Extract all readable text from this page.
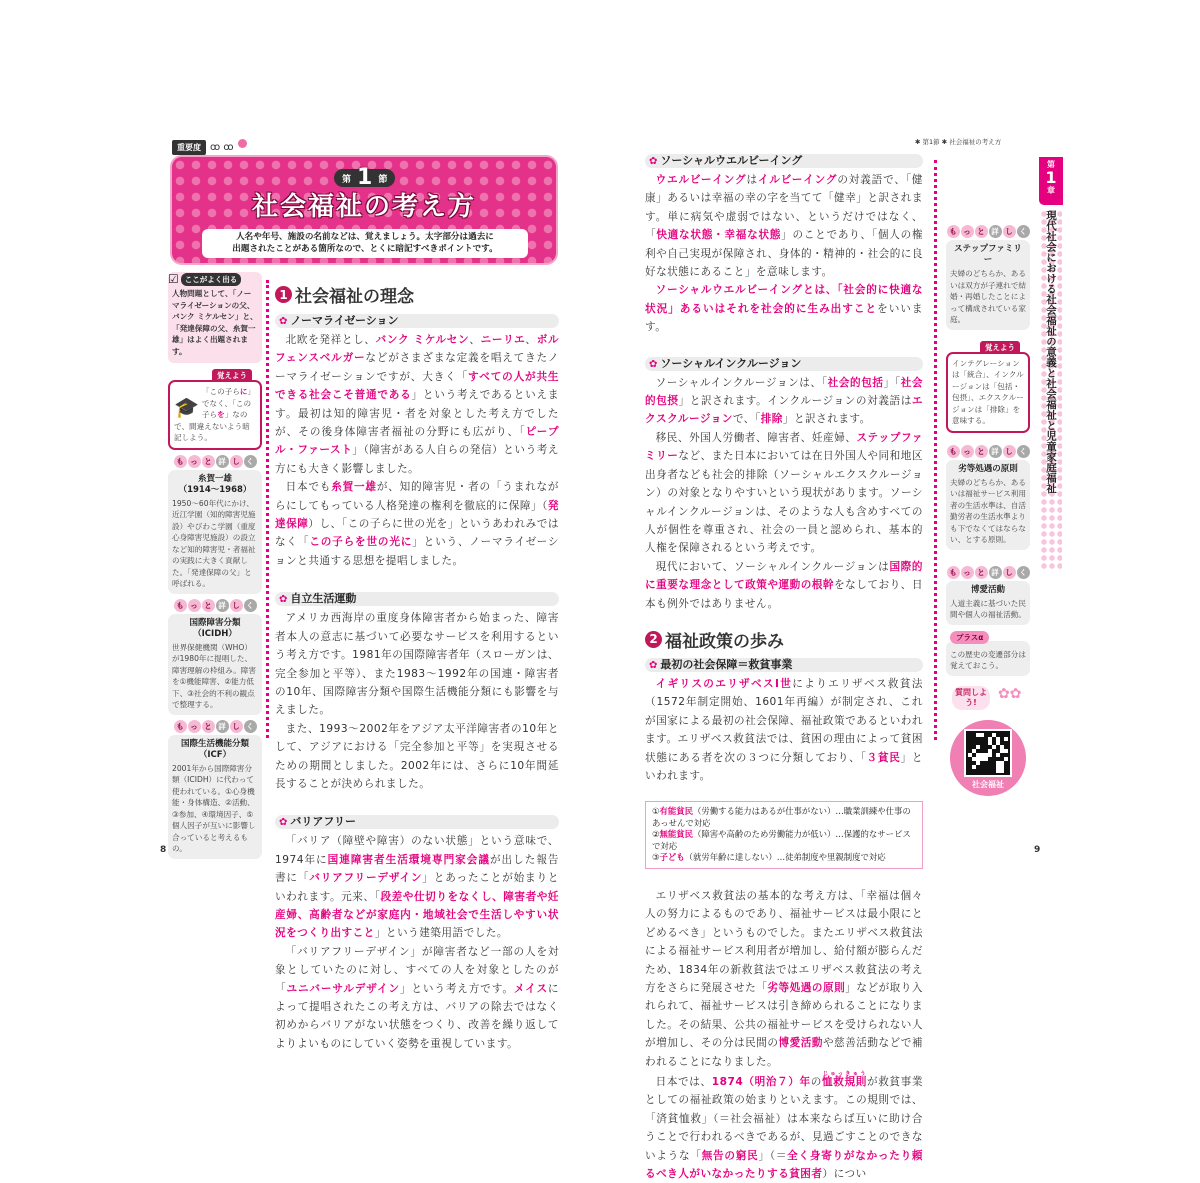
重要度 ꝏ ꝏ
第 1 節
社会福祉の考え方
人名や年号、施設の名前などは、覚えましょう。太字部分は過去に
出題されたことがある箇所なので、とくに暗記すべきポイントです。
☑ ここがよく出る
人物問題として、「ノーマライゼーションの父、バンク ミケルセン」と、「発達保障の父、糸賀一雄」はよく出題されます。
覚えよう
🎓
「この子らに」でなく、「この子らを」なので、間違えないよう暗記しよう。
も っ と 詳 し く
糸賀一雄
（1914～1968）
1950～60年代にかけ、近江学園（知的障害児施設）やびわこ学園（重度心身障害児施設）の設立など知的障害児・者福祉の実践に大きく貢献した。「発達保障の父」と呼ばれる。
も っ と 詳 し く
国際障害分類（ICIDH）
世界保健機関（WHO）が1980年に提唱した、障害理解の枠組み。障害を①機能障害、②能力低下、③社会的不利の観点で整理する。
も っ と 詳 し く
国際生活機能分類（ICF）
2001年から国際障害分類（ICIDH）に代わって使われている。①心身機能・身体構造、②活動、③参加、④環境因子、⑤個人因子が互いに影響し合っていると考えるもの。
1 社会福祉の理念
✿ ノーマライゼーション

北欧を発祥とし、バンク ミケルセン、ニーリエ、ボルフェンスベルガーなどがさまざまな定義を唱えてきたノーマライゼーションですが、大きく「すべての人が共生できる社会こそ普通である」という考えであるといえます。最初は知的障害児・者を対象とした考え方でしたが、その後身体障害者福祉の分野にも広がり、「ピープル・ファースト」（障害がある人自らの発信）という考え方にも大きく影響しました。

日本でも糸賀一雄が、知的障害児・者の「うまれながらにしてもっている人格発達の権利を徹底的に保障」（発達保障）し、「この子らに世の光を」というあわれみではなく「この子らを世の光に」という、ノーマライゼーションと共通する思想を提唱しました。

✿ 自立生活運動

アメリカ西海岸の重度身体障害者から始まった、障害者本人の意志に基づいて必要なサービスを利用するという考え方です。1981年の国際障害者年（スローガンは、完全参加と平等）、また1983～1992年の国連・障害者の10年、国際障害分類や国際生活機能分類にも影響を与えました。

また、1993～2002年をアジア太平洋障害者の10年として、アジアにおける「完全参加と平等」を実現させるための期間としました。2002年には、さらに10年間延長することが決められました。

✿ バリアフリー

「バリア（障壁や障害）のない状態」という意味で、1974年に国連障害者生活環境専門家会議が出した報告書に「バリアフリーデザイン」とあったことが始まりといわれます。元来、「段差や仕切りをなくし、障害者や妊産婦、高齢者などが家庭内・地域社会で生活しやすい状況をつくり出すこと」という建築用語でした。

「バリアフリーデザイン」が障害者など一部の人を対象としていたのに対し、すべての人を対象としたのが「ユニバーサルデザイン」という考え方です。メイスによって提唱されたこの考え方は、バリアの除去ではなく初めからバリアがない状態をつくり、改善を繰り返してよりよいものにしていく姿勢を重視しています。

8
✱ 第1節 ✱ 社会福祉の考え方
✿ ソーシャルウエルビーイング

ウエルビーイングはイルビーイングの対義語で、「健康」あるいは幸福の幸の字を当てて「健幸」と訳されます。単に病気や虚弱ではない、というだけではなく、「快適な状態・幸福な状態」のことであり、「個人の権利や自己実現が保障され、身体的・精神的・社会的に良好な状態にあること」を意味します。

ソーシャルウエルビーイングとは、「社会的に快適な状況」あるいはそれを社会的に生み出すことをいいます。

✿ ソーシャルインクルージョン

ソーシャルインクルージョンは、「社会的包括」「社会的包摂」と訳されます。インクルージョンの対義語はエクスクルージョンで、「排除」と訳されます。

移民、外国人労働者、障害者、妊産婦、ステップファミリーなど、また日本においては在日外国人や同和地区出身者なども社会的排除（ソーシャルエクスクルージョン）の対象となりやすいという現状があります。ソーシャルインクルージョンは、そのような人も含めすべての人が個性を尊重され、社会の一員と認められ、基本的人権を保障されるという考えです。

現代において、ソーシャルインクルージョンは国際的に重要な理念として政策や運動の根幹をなしており、日本も例外ではありません。

2 福祉政策の歩み
✿ 最初の社会保障＝救貧事業

イギリスのエリザベスⅠ世によりエリザベス救貧法（1572年制定開始、1601年再編）が制定され、これが国家による最初の社会保障、福祉政策であるといわれます。エリザベス救貧法では、貧困の理由によって貧困状態にある者を次の３つに分類しており、「３貧民」といわれます。

①有能貧民（労働する能力はあるが仕事がない）…職業訓練や仕事のあっせんで対応
②無能貧民（障害や高齢のため労働能力が低い）…保護的なサービスで対応
③子ども（就労年齢に達しない）…徒弟制度や里親制度で対応

エリザベス救貧法の基本的な考え方は、「幸福は個々人の努力によるものであり、福祉サービスは最小限にとどめるべき」というものでした。またエリザベス救貧法による福祉サービス利用者が増加し、給付額が膨らんだため、1834年の新救貧法ではエリザベス救貧法の考え方をさらに発展させた「劣等処遇の原則」などが取り入れられて、福祉サービスは引き締められることになりました。その結果、公共の福祉サービスを受けられない人が増加し、その分は民間の博愛活動や慈善活動などで補われることになりました。

日本では、1874（明治７）年の恤救規則じゅっきゅうが救貧事業としての福祉政策の始まりといえます。この規則では、「済貧恤救」（＝社会福祉）は本来ならば互いに助け合うことで行われるべきであるが、見過ごすことのできないような「無告の窮民」（＝全く身寄りがなかったり頼るべき人がいなかったりする貧困者）につい

も っ と 詳 し く
ステップファミリー
夫婦のどちらか、あるいは双方が子連れで結婚・再婚したことによって構成されている家庭。
覚えよう
インテグレーションは「統合」、インクルージョンは「包括・包摂」、エクスクルージョンは「排除」を意味する。
も っ と 詳 し く
劣等処遇の原則
夫婦のどちらか、あるいは福祉サービス利用者の生活水準は、自活勤労者の生活水準よりも下でなくてはならない、とする原則。
も っ と 詳 し く
博愛活動
人道主義に基づいた民間や個人の福祉活動。
プラスα
この歴史の変遷部分は覚えておこう。
質問しよう!
✿✿
社会福祉
第
1
章
現代社会における社会福祉の意義と社会福祉と児童家庭福祉
9
